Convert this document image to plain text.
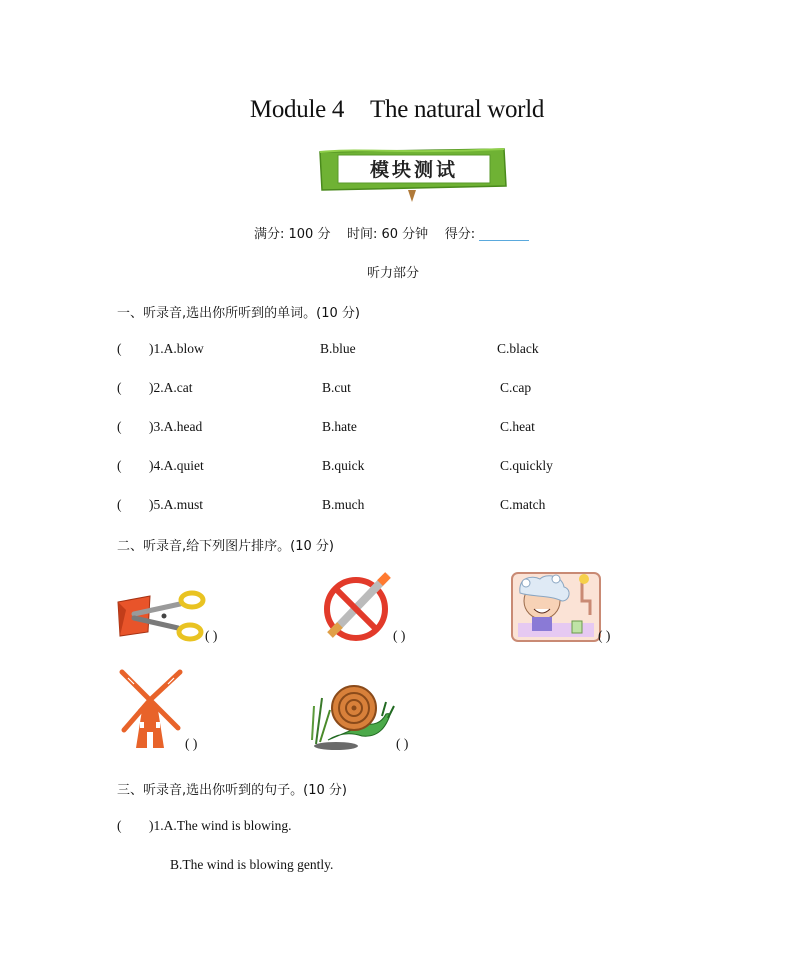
Module 4 The natural world
模块测试
满分: 100 分 时间: 60 分钟 得分:
听力部分
一、听录音,选出你所听到的单词。(10 分)
( )1.A.blow	B.blue	C.black
( )2.A.cat	B.cut	C.cap
( )3.A.head	B.hate	C.heat
( )4.A.quiet	B.quick	C.quickly
( )5.A.must	B.much	C.match
二、听录音,给下列图片排序。(10 分)
( )	( )	( )
( )	( )
三、听录音,选出你听到的句子。(10 分)
( )1.A.The wind is blowing.
B.The wind is blowing gently.
